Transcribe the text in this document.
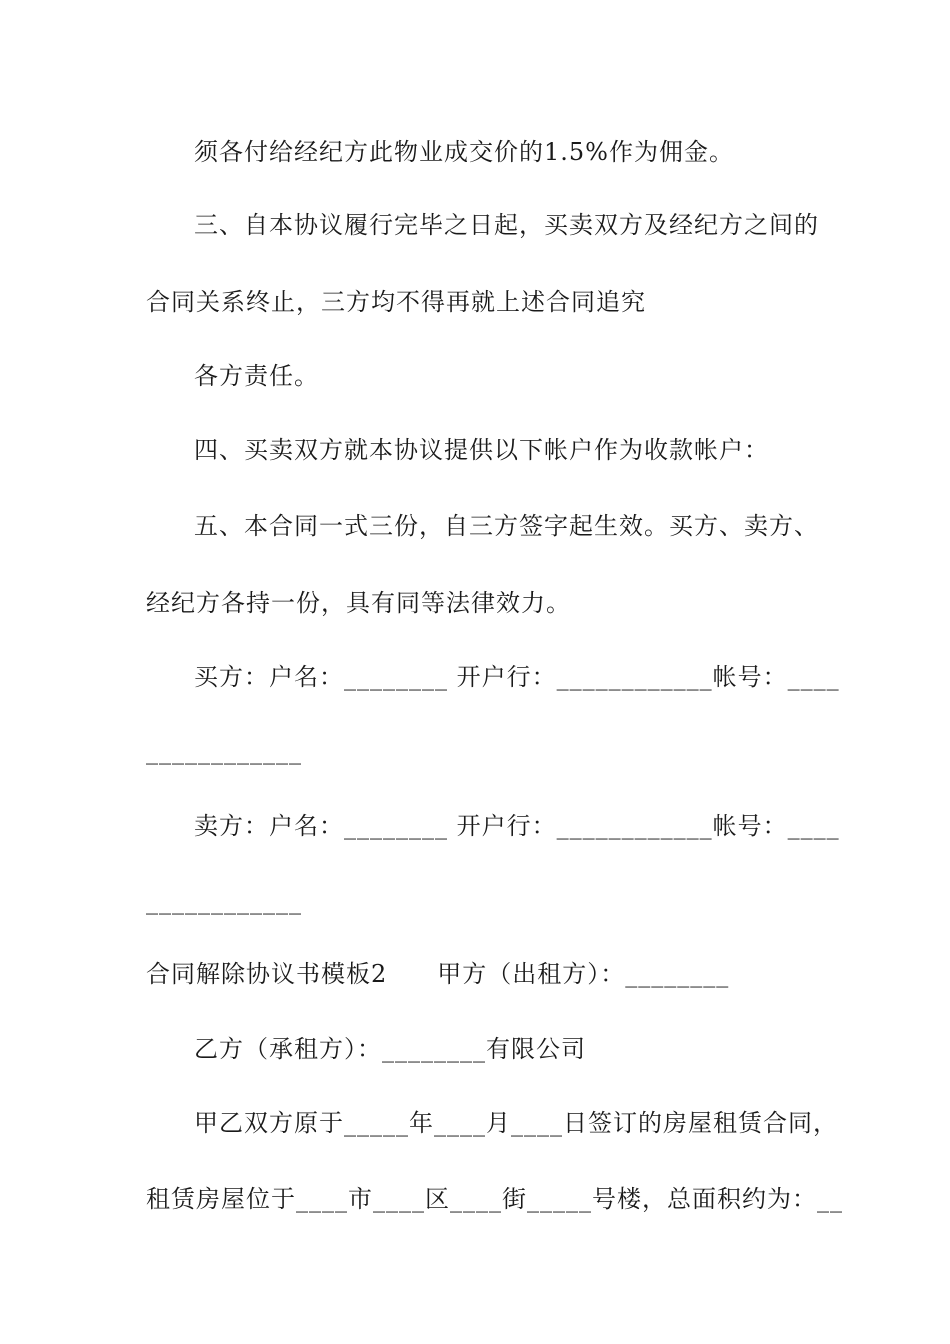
须各付给经纪方此物业成交价的1.5%作为佣金。
三、自本协议履行完毕之日起，买卖双方及经纪方之间的
合同关系终止，三方均不得再就上述合同追究
各方责任。
四、买卖双方就本协议提供以下帐户作为收款帐户：
五、本合同一式三份，自三方签字起生效。买方、卖方、
经纪方各持一份，具有同等法律效力。
买方：户名：________ 开户行：____________帐号：____
____________
卖方：户名：________ 开户行：____________帐号：____
____________
合同解除协议书模板2　　甲方（出租方）：________
乙方（承租方）：________有限公司
甲乙双方原于_____年____月____日签订的房屋租赁合同，
租赁房屋位于____市____区____街_____号楼，总面积约为：__
